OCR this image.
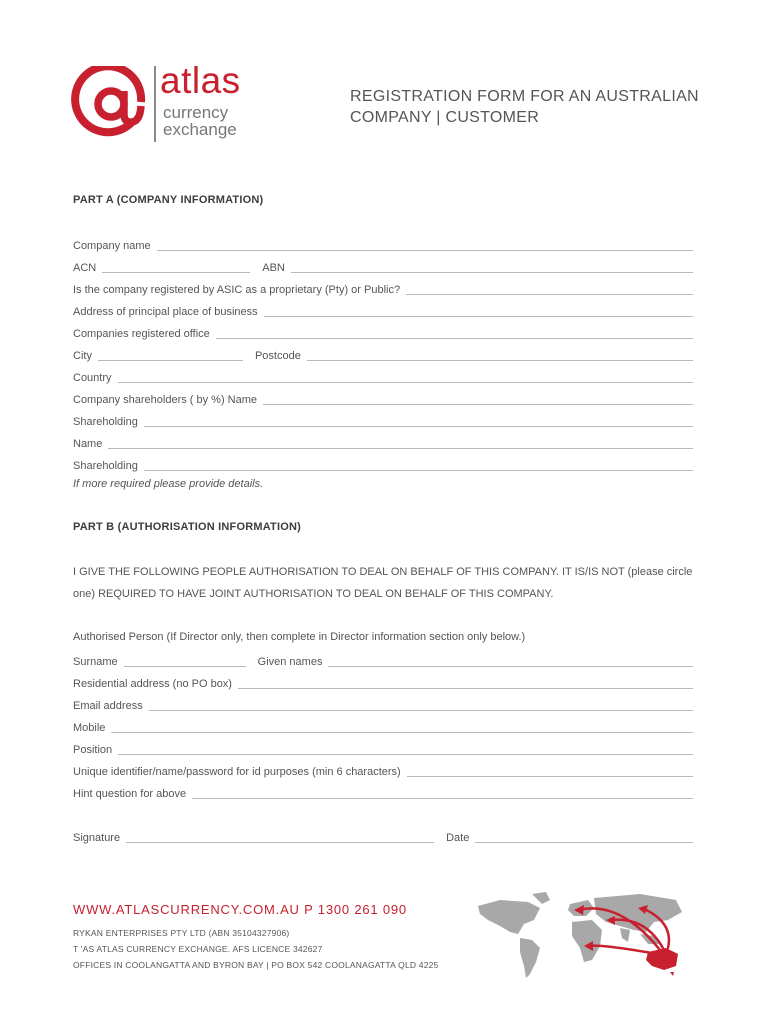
atlas
currency
exchange
REGISTRATION FORM FOR AN AUSTRALIAN
COMPANY | CUSTOMER
PART A (COMPANY INFORMATION)
Company name
ACN	ABN
Is the company registered by ASIC as a proprietary (Pty) or Public?
Address of principal place of business
Companies registered office
City	Postcode
Country
Company shareholders ( by %) Name
Shareholding
Name
Shareholding
If more required please provide details.
PART B (AUTHORISATION INFORMATION)
I GIVE THE FOLLOWING PEOPLE AUTHORISATION TO DEAL ON BEHALF OF THIS COMPANY. IT IS/IS NOT (please circle
one) REQUIRED TO HAVE JOINT AUTHORISATION TO DEAL ON BEHALF OF THIS COMPANY.
Authorised Person (If Director only, then complete in Director information section only below.)
Surname	Given names
Residential address (no PO box)
Email address
Mobile
Position
Unique identifier/name/password for id purposes (min 6 characters)
Hint question for above
Signature	Date
WWW.ATLASCURRENCY.COM.AU P 1300 261 090
RYKAN ENTERPRISES PTY LTD (ABN 35104327906)
T 'AS ATLAS CURRENCY EXCHANGE. AFS LICENCE 342627
OFFICES IN COOLANGATTA AND BYRON BAY | PO BOX 542 COOLANAGATTA QLD 4225
